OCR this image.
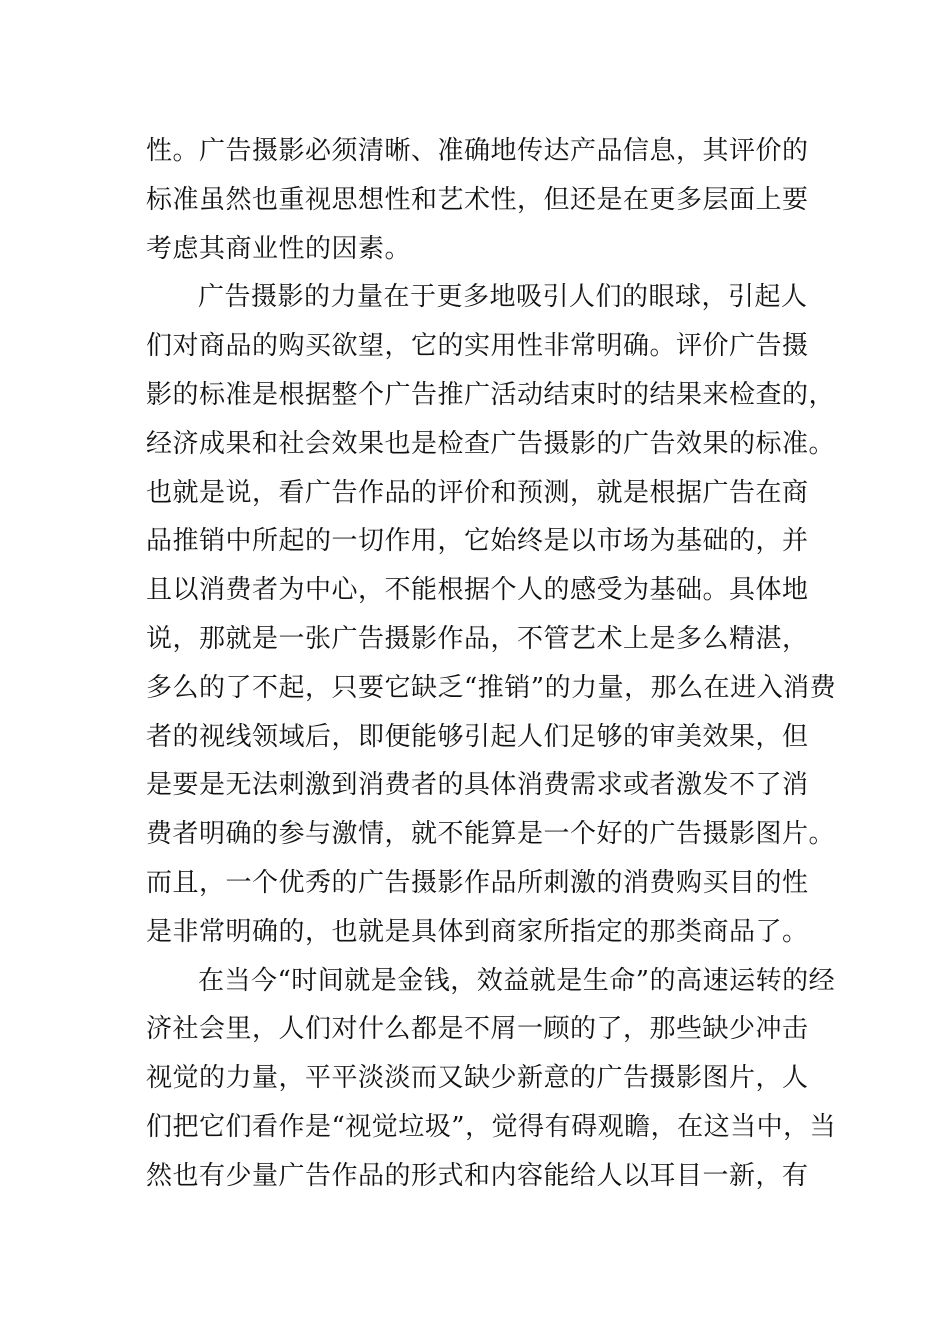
性。广告摄影必须清晰、准确地传达产品信息，其评价的
标准虽然也重视思想性和艺术性，但还是在更多层面上要
考虑其商业性的因素。
广告摄影的力量在于更多地吸引人们的眼球，引起人
们对商品的购买欲望，它的实用性非常明确。评价广告摄
影的标准是根据整个广告推广活动结束时的结果来检查的，
经济成果和社会效果也是检查广告摄影的广告效果的标准。
也就是说，看广告作品的评价和预测，就是根据广告在商
品推销中所起的一切作用，它始终是以市场为基础的，并
且以消费者为中心，不能根据个人的感受为基础。具体地
说，那就是一张广告摄影作品，不管艺术上是多么精湛，
多么的了不起，只要它缺乏“推销”的力量，那么在进入消费
者的视线领域后，即便能够引起人们足够的审美效果，但
是要是无法刺激到消费者的具体消费需求或者激发不了消
费者明确的参与激情，就不能算是一个好的广告摄影图片。
而且，一个优秀的广告摄影作品所刺激的消费购买目的性
是非常明确的，也就是具体到商家所指定的那类商品了。
在当今“时间就是金钱，效益就是生命”的高速运转的经
济社会里，人们对什么都是不屑一顾的了，那些缺少冲击
视觉的力量，平平淡淡而又缺少新意的广告摄影图片，人
们把它们看作是“视觉垃圾”，觉得有碍观瞻，在这当中，当
然也有少量广告作品的形式和内容能给人以耳目一新，有
